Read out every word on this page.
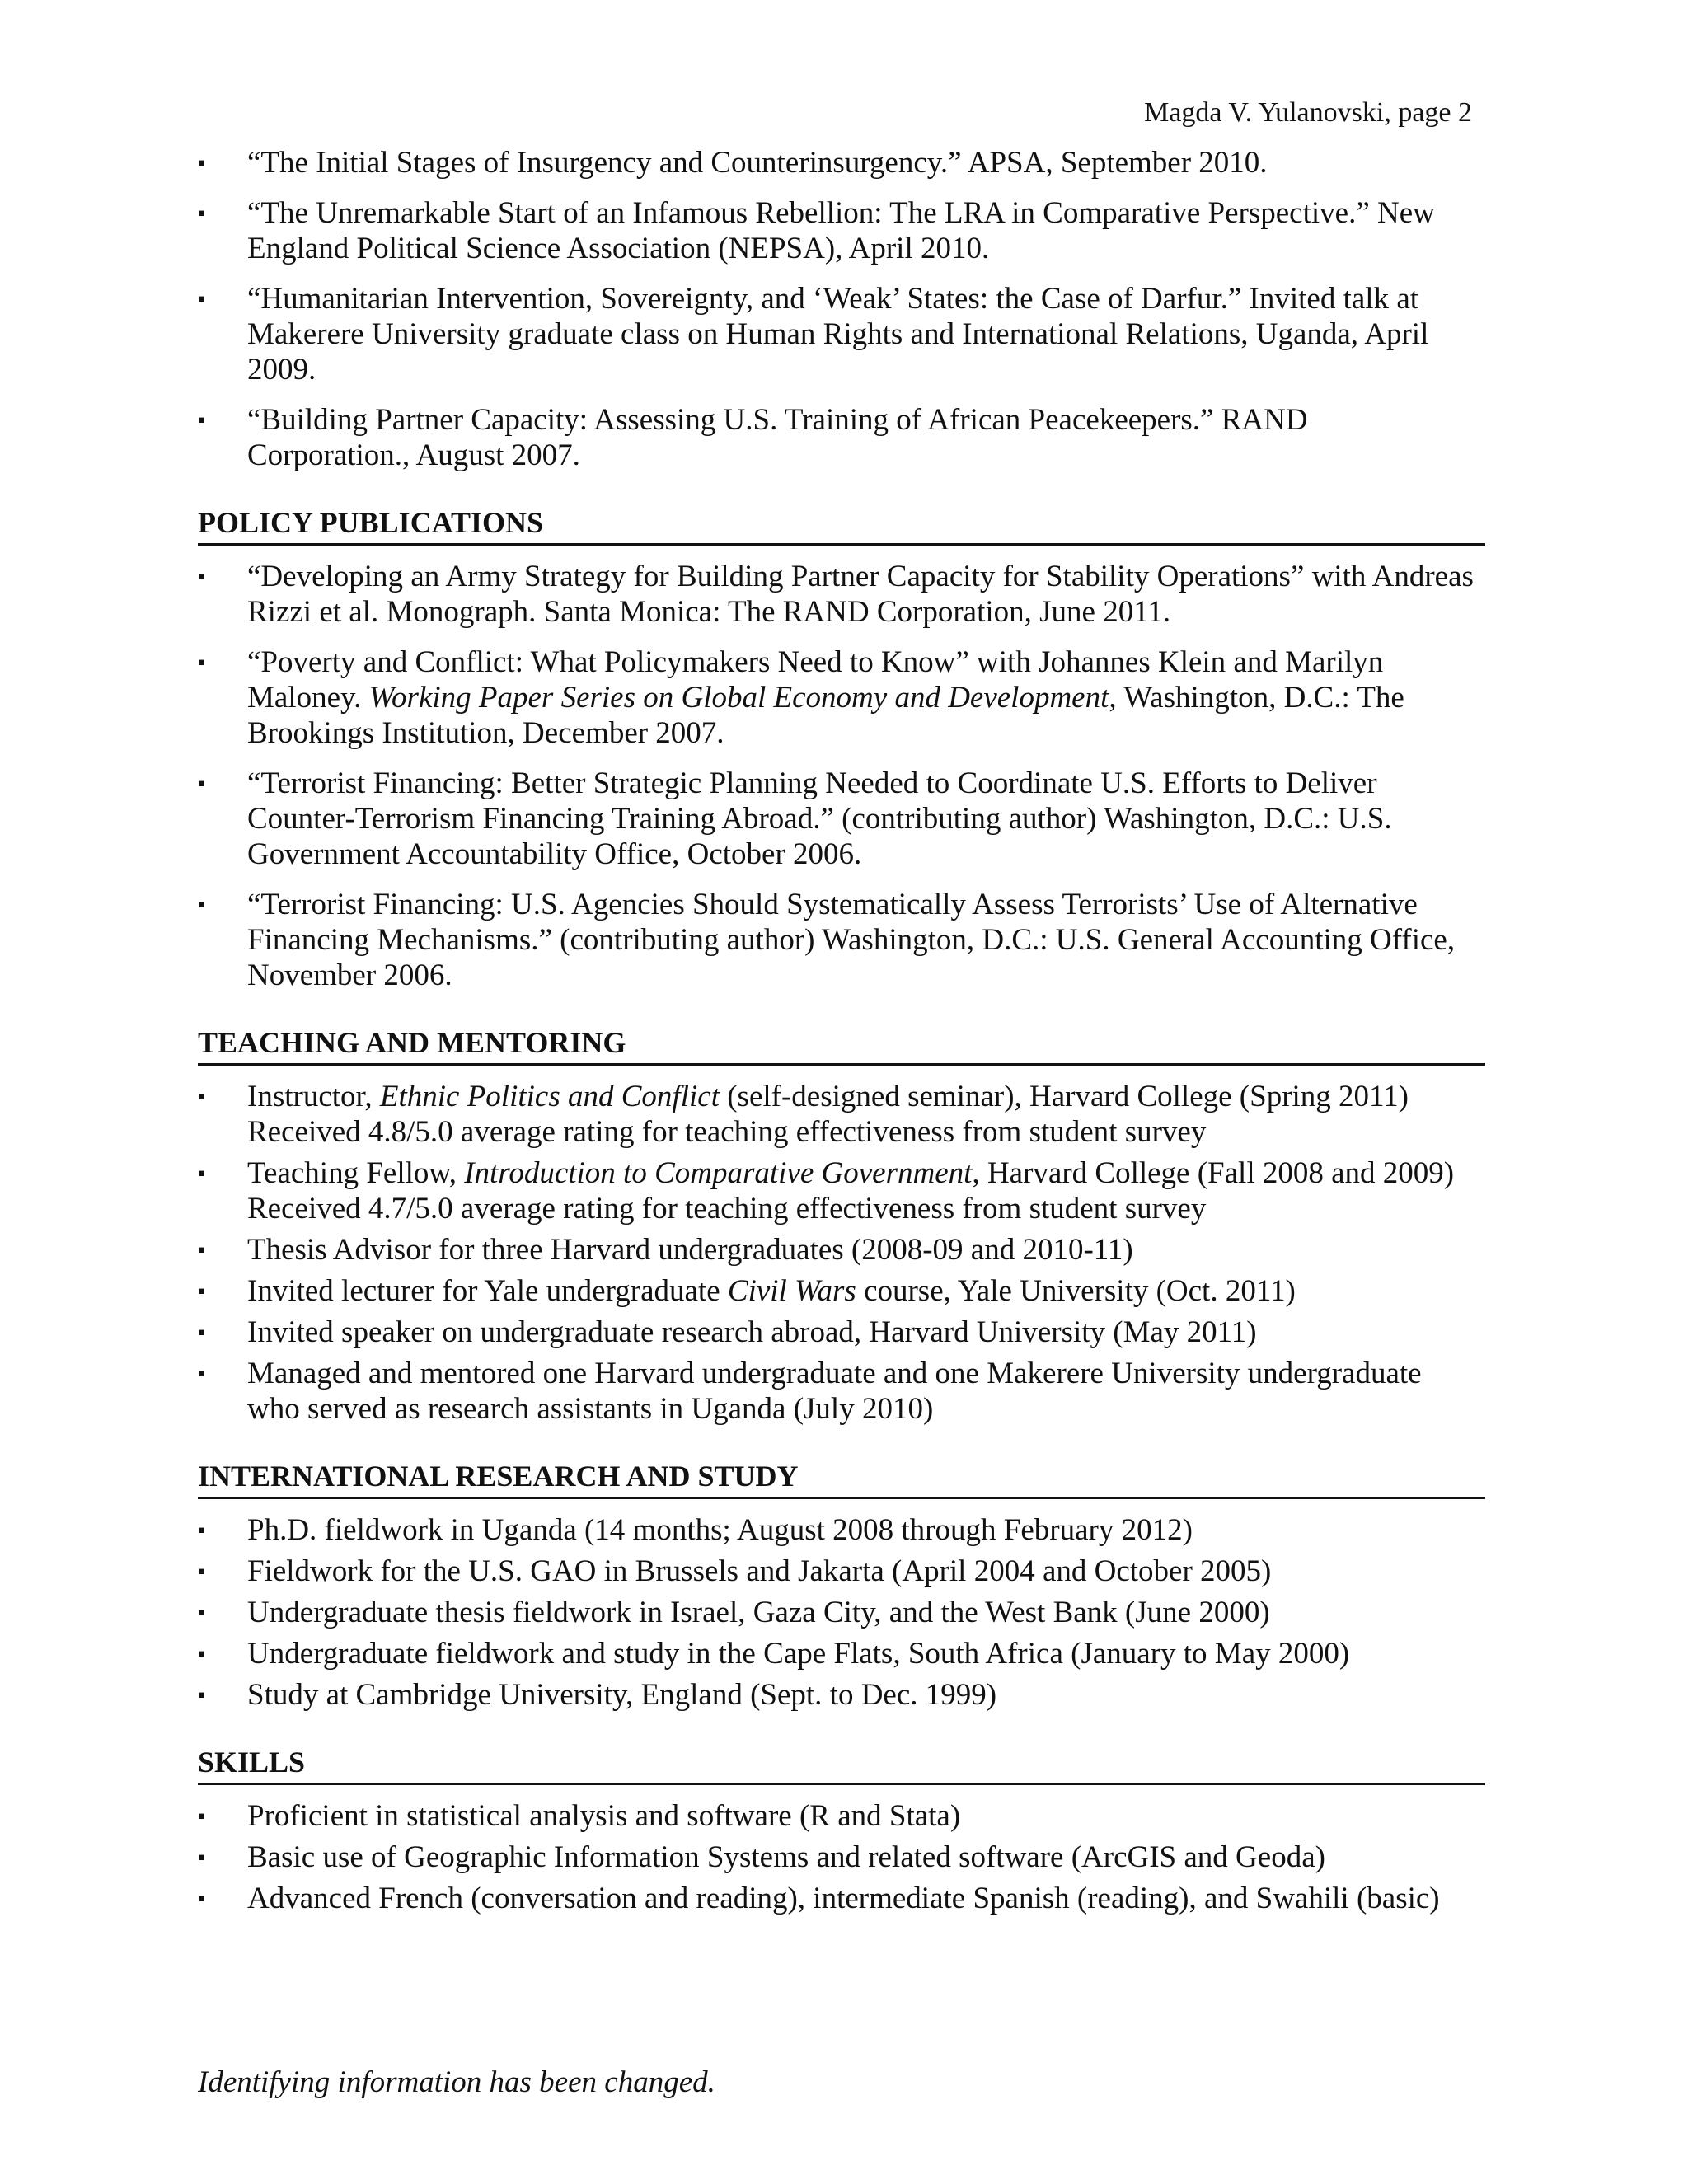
Magda V. Yulanovski, page 2
▪ “The Initial Stages of Insurgency and Counterinsurgency.” APSA, September 2010.
▪ “The Unremarkable Start of an Infamous Rebellion: The LRA in Comparative Perspective.” New England Political Science Association (NEPSA), April 2010.
▪ “Humanitarian Intervention, Sovereignty, and ‘Weak’ States: the Case of Darfur.” Invited talk at Makerere University graduate class on Human Rights and International Relations, Uganda, April 2009.
▪ “Building Partner Capacity: Assessing U.S. Training of African Peacekeepers.” RAND Corporation., August 2007.
POLICY PUBLICATIONS
▪ “Developing an Army Strategy for Building Partner Capacity for Stability Operations” with Andreas Rizzi et al. Monograph. Santa Monica: The RAND Corporation, June 2011.
▪ “Poverty and Conflict: What Policymakers Need to Know” with Johannes Klein and Marilyn Maloney. Working Paper Series on Global Economy and Development, Washington, D.C.: The Brookings Institution, December 2007.
▪ “Terrorist Financing: Better Strategic Planning Needed to Coordinate U.S. Efforts to Deliver Counter-Terrorism Financing Training Abroad.” (contributing author) Washington, D.C.: U.S. Government Accountability Office, October 2006.
▪ “Terrorist Financing: U.S. Agencies Should Systematically Assess Terrorists’ Use of Alternative Financing Mechanisms.” (contributing author) Washington, D.C.: U.S. General Accounting Office, November 2006.
TEACHING AND MENTORING
▪ Instructor, Ethnic Politics and Conflict (self-designed seminar), Harvard College (Spring 2011) Received 4.8/5.0 average rating for teaching effectiveness from student survey
▪ Teaching Fellow, Introduction to Comparative Government, Harvard College (Fall 2008 and 2009) Received 4.7/5.0 average rating for teaching effectiveness from student survey
▪ Thesis Advisor for three Harvard undergraduates (2008-09 and 2010-11)
▪ Invited lecturer for Yale undergraduate Civil Wars course, Yale University (Oct. 2011)
▪ Invited speaker on undergraduate research abroad, Harvard University (May 2011)
▪ Managed and mentored one Harvard undergraduate and one Makerere University undergraduate who served as research assistants in Uganda (July 2010)
INTERNATIONAL RESEARCH AND STUDY
▪ Ph.D. fieldwork in Uganda (14 months; August 2008 through February 2012)
▪ Fieldwork for the U.S. GAO in Brussels and Jakarta (April 2004 and October 2005)
▪ Undergraduate thesis fieldwork in Israel, Gaza City, and the West Bank (June 2000)
▪ Undergraduate fieldwork and study in the Cape Flats, South Africa (January to May 2000)
▪ Study at Cambridge University, England (Sept. to Dec. 1999)
SKILLS
▪ Proficient in statistical analysis and software (R and Stata)
▪ Basic use of Geographic Information Systems and related software (ArcGIS and Geoda)
▪ Advanced French (conversation and reading), intermediate Spanish (reading), and Swahili (basic)
Identifying information has been changed.
